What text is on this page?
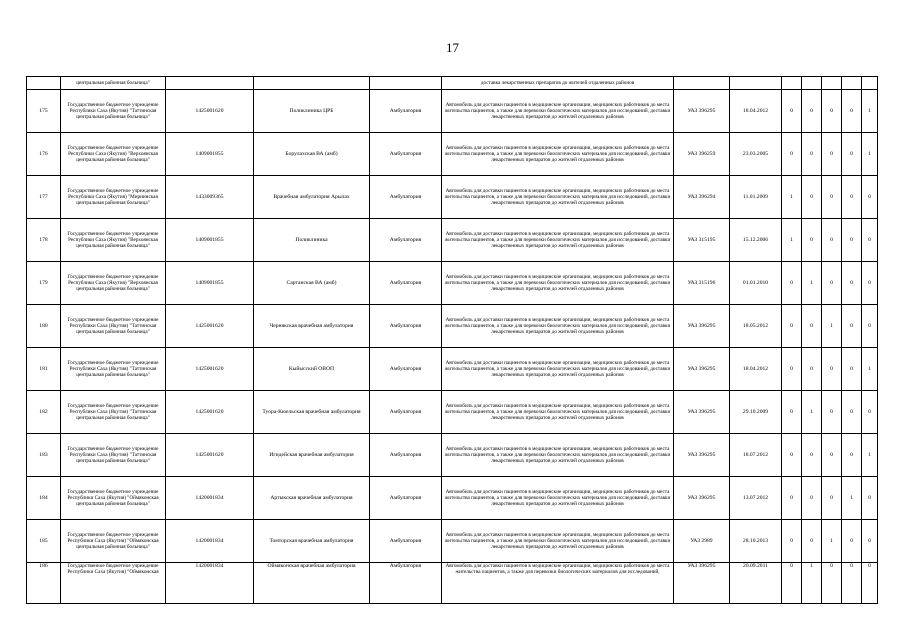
17
	центральная районная больница"				доставка лекарственных препаратов до жителей отдаленных районов							
175	Государственное бюджетное учреждение Республики Саха (Якутия) "Таттинская центральная районная больница"	1425001620	Поликлиника ЦРБ	Амбулатория	Автомобиль для доставки пациентов в медицинские организации, медицинских работников до места жительства пациентов, а также для перевозки биологических материалов для исследований, доставки лекарственных препаратов до жителей отдаленных районов	УАЗ 396295	18.04.2012	0	0	0	0	1
176	Государственное бюджетное учреждение Республики Саха (Якутия) "Верхоянская центральная районная больница"	1409001855	Борулахская ВА (амб)	Амбулатория	Автомобиль для доставки пациентов в медицинские организации, медицинских работников до места жительства пациентов, а также для перевозки биологических материалов для исследований, доставки лекарственных препаратов до жителей отдаленных районов	УАЗ 396259	23.03.2005	0	0	0	0	1
177	Государственное бюджетное учреждение Республики Саха (Якутия) "Мирнинская центральная районная больница"	1433009365	Врачебная амбулатория Арылах	Амбулатория	Автомобиль для доставки пациентов в медицинские организации, медицинских работников до места жительства пациентов, а также для перевозки биологических материалов для исследований, доставки лекарственных препаратов до жителей отдаленных районов	УАЗ 396294	11.01.2009	1	0	0	0	0
178	Государственное бюджетное учреждение Республики Саха (Якутия) "Верхоянская центральная районная больница"	1409001855	Поликлиника	Амбулатория	Автомобиль для доставки пациентов в медицинские организации, медицинских работников до места жительства пациентов, а также для перевозки биологических материалов для исследований, доставки лекарственных препаратов до жителей отдаленных районов	УАЗ 315195	15.12.2006	1	0	0	0	0
179	Государственное бюджетное учреждение Республики Саха (Якутия) "Верхоянская центральная районная больница"	1409001855	Сартанская ВА (амб)	Амбулатория	Автомобиль для доставки пациентов в медицинские организации, медицинских работников до места жительства пациентов, а также для перевозки биологических материалов для исследований, доставки лекарственных препаратов до жителей отдаленных районов	УАЗ 315196	01.01.2010	0	1	0	0	0
180	Государственное бюджетное учреждение Республики Саха (Якутия) "Таттинская центральная районная больница"	1425001620	Чернякская врачебная амбулатория	Амбулатория	Автомобиль для доставки пациентов в медицинские организации, медицинских работников до места жительства пациентов, а также для перевозки биологических материалов для исследований, доставки лекарственных препаратов до жителей отдаленных районов	УАЗ 396295	18.05.2012	0	0	1	0	0
181	Государственное бюджетное учреждение Республики Саха (Якутия) "Таттинская центральная районная больница"	1425001620	Кыйысский ОВОП	Амбулатория	Автомобиль для доставки пациентов в медицинские организации, медицинских работников до места жительства пациентов, а также для перевозки биологических материалов для исследований, доставки лекарственных препаратов до жителей отдаленных районов	УАЗ 396295	18.04.2012	0	0	0	0	1
182	Государственное бюджетное учреждение Республики Саха (Якутия) "Таттинская центральная районная больница"	1425001620	Туора-Кюельская врачебная амбулатория	Амбулатория	Автомобиль для доставки пациентов в медицинские организации, медицинских работников до места жительства пациентов, а также для перевозки биологических материалов для исследований, доставки лекарственных препаратов до жителей отдаленных районов	УАЗ 396295	29.10.2009	0	1	0	0	0
183	Государственное бюджетное учреждение Республики Саха (Якутия) "Таттинская центральная районная больница"	1425001620	Игидейская врачебная амбулатория	Амбулатория	Автомобиль для доставки пациентов в медицинские организации, медицинских работников до места жительства пациентов, а также для перевозки биологических материалов для исследований, доставки лекарственных препаратов до жителей отдаленных районов	УАЗ 396295	18.07.2012	0	0	0	0	1
184	Государственное бюджетное учреждение Республики Саха (Якутия) "Оймяконская центральная районная больница"	1420001834	Артыкская врачебная амбулатория	Амбулатория	Автомобиль для доставки пациентов в медицинские организации, медицинских работников до места жительства пациентов, а также для перевозки биологических материалов для исследований, доставки лекарственных препаратов до жителей отдаленных районов	УАЗ 396295	13.07.2012	0	0	0	1	0
185	Государственное бюджетное учреждение Республики Саха (Якутия) "Оймяконская центральная районная больница"	1420001834	Томторская врачебная амбулатория	Амбулатория	Автомобиль для доставки пациентов в медицинские организации, медицинских работников до места жительства пациентов, а также для перевозки биологических материалов для исследований, доставки лекарственных препаратов до жителей отдаленных районов	УАЗ 2989	28.10.2013	0	0	1	0	0
186	Государственное бюджетное учреждение Республики Саха (Якутия) "Оймяконская	1420001834	Оймяконская врачебная амбулатория	Амбулатория	Автомобиль для доставки пациентов в медицинские организации, медицинских работников до места жительства пациентов, а также для перевозки биологических материалов для исследований,	УАЗ 396295	20.09.2011	0	1	0	0	0
